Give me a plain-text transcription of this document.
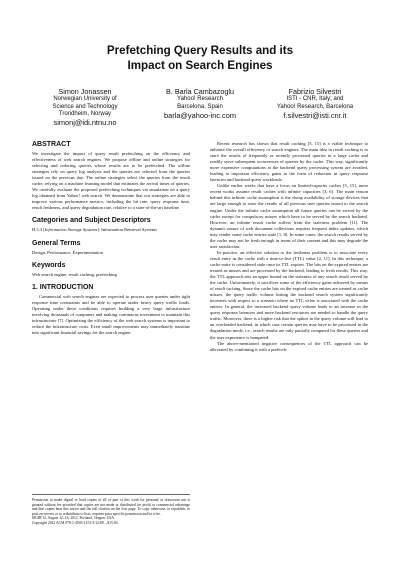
Prefetching Query Results and its
Impact on Search Engines
Simon Jonassen
Norwegian University of
Science and Technology
Trondheim, Norway
simonj@idi.ntnu.no
B. Barla Cambazoglu
Yahoo! Research
Barcelona, Spain
barla@yahoo-inc.com
Fabrizio Silvestri
ISTI - CNR, Italy; and
Yahoo! Research, Barcelona
f.silvestri@isti.cnr.it
ABSTRACT

We investigate the impact of query result prefetching on the efficiency and effectiveness of web search engines. We propose offline and online strategies for selecting and ordering queries whose results are to be prefetched. The offline strategies rely on query log analysis and the queries are selected from the queries issued on the previous day. The online strategies select the queries from the result cache, relying on a machine learning model that estimates the arrival times of queries. We carefully evaluate the proposed prefetching techniques via simulation on a query log obtained from Yahoo! web search. We demonstrate that our strategies are able to improve various performance metrics, including the hit rate, query response time, result freshness, and query degradation rate, relative to a state-of-the-art baseline.

Categories and Subject Descriptors

H.3.3 [Information Storage Systems]: Information Retrieval Systems

General Terms

Design, Performance, Experimentation

Keywords

Web search engine, result caching, prefetching

1. INTRODUCTION

Commercial web search engines are expected to process user queries under tight response time constraints and be able to operate under heavy query traffic loads. Operating under these conditions requires building a very large infrastructure involving thousands of computers and making continuous investment to maintain this infrastructure [7]. Optimizing the efficiency of the web search systems is important to reduce the infrastructure costs. Even small improvements may immediately translate into significant financial savings for the search engine.

Permission to make digital or hard copies of all or part of this work for personal or classroom use is granted without fee provided that copies are not made or distributed for profit or commercial advantage and that copies bear this notice and the full citation on the first page. To copy otherwise, to republish, to post on servers or to redistribute to lists, requires prior specific permission and/or a fee.

SIGIR'12, August 12–16, 2012, Portland, Oregon, USA.

Copyright 2012 ACM 978-1-4503-1472-5/12/08 ...$15.00.

Recent research has shown that result caching [5, 15] is a viable technique to enhance the overall efficiency of search engines. The main idea in result caching is to store the results of frequently or recently processed queries in a large cache and readily serve subsequent occurrences of queries by the cache. This way, significantly more expensive computations at the backend query processing system are avoided, leading to important efficiency gains in the form of reduction in query response latencies and backend query workloads.

Unlike earlier works that have a focus on limited-capacity caches [5, 15], more recent works assume result caches with infinite capacities [3, 6]. The main reason behind this infinite cache assumption is the cheap availability of storage devices that are large enough to store the results of all previous user queries issued to the search engine. Under the infinite cache assumption all future queries can be served by the cache except for compulsory misses which have to be served by the search backend. However, an infinite result cache suffers from the staleness problem [11]. The dynamic nature of web document collections requires frequent index updates, which may render some cache entries stale [1, 8]. In some cases, the search results served by the cache may not be fresh enough in terms of their content and this may degrade the user satisfaction.

In practice, an effective solution to the freshness problem is to associate every result entry in the cache with a time-to-live (TTL) value [2, 11]. In this technique, a cache entry is considered stale once its TTL expires. The hits on the expired entries are treated as misses and are processed by the backend, leading to fresh results. This way, the TTL approach sets an upper bound on the staleness of any search result served by the cache. Unfortunately, it sacrifices some of the efficiency gains achieved by means of result caching. Since the cache hits on the expired cache entries are treated as cache misses, the query traffic volume hitting the backend search system significantly increases with respect to a scenario where no TTL value is associated with the cache entries. In general, the increased backend query volume leads to an increase in the query response latencies and more backend resources are needed to handle the query traffic. Moreover, there is a higher risk that the spikes in the query volume will lead to an overloaded backend, in which case certain queries may have to be processed in the degradation mode, i.e., search results are only partially computed for these queries and the user experience is hampered.

The above-mentioned negative consequences of the TTL approach can be alleviated by combining it with a prefetch-
